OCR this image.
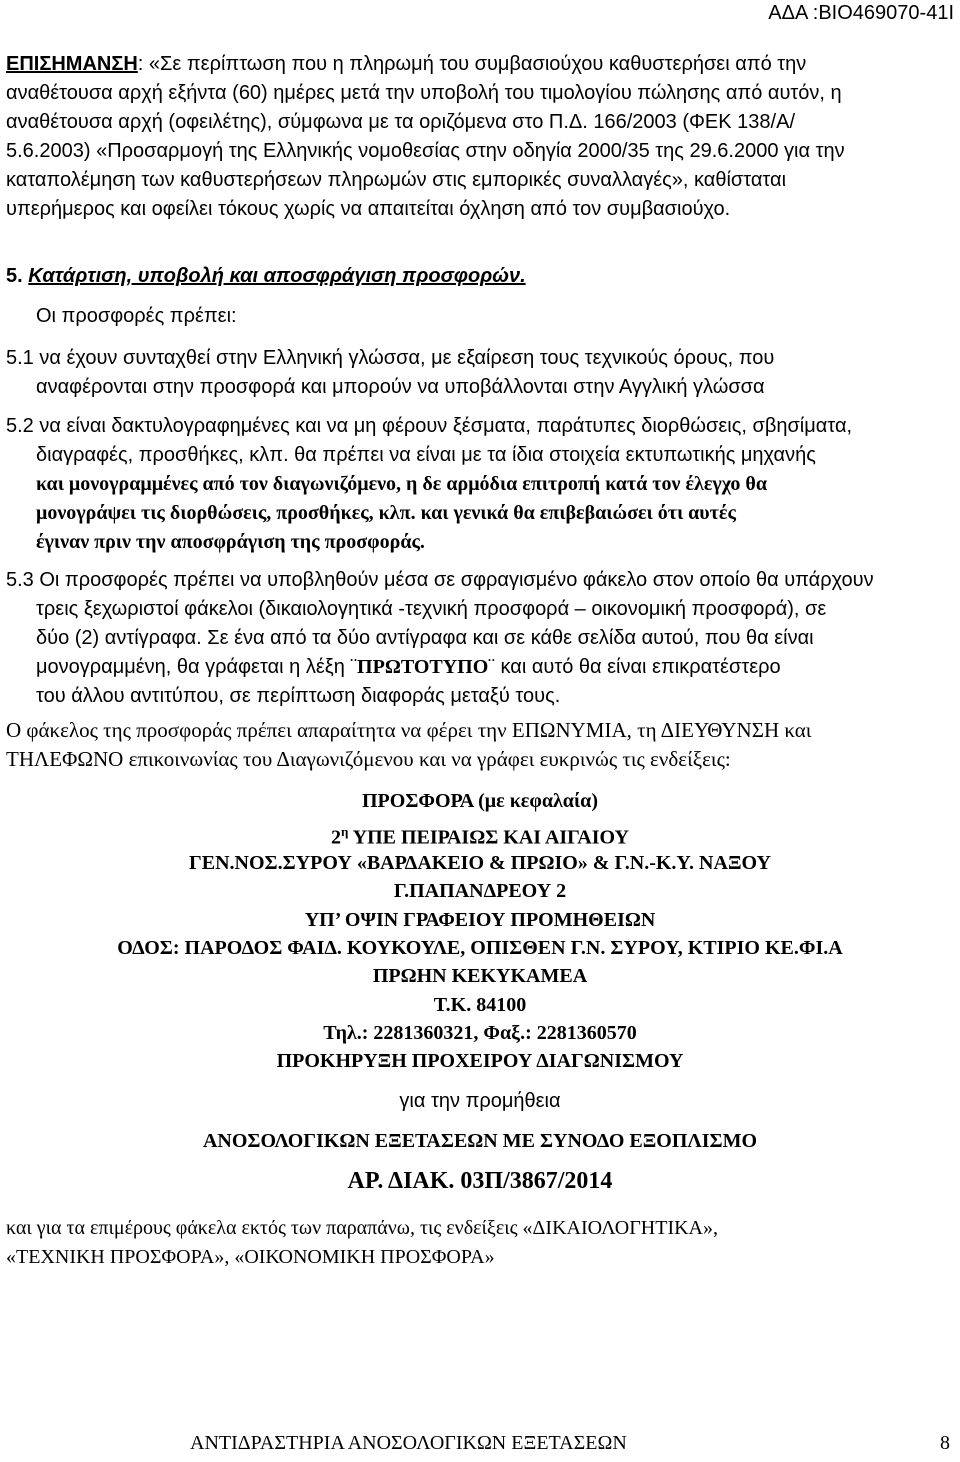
ΑΔΑ :ΒΙΟ469070-41Ι
ΕΠΙΣΗΜΑΝΣΗ: «Σε περίπτωση που η πληρωμή του συμβασιούχου καθυστερήσει από την
αναθέτουσα αρχή εξήντα (60) ημέρες μετά την υποβολή του τιμολογίου πώλησης από αυτόν, η
αναθέτουσα αρχή (οφειλέτης), σύμφωνα με τα οριζόμενα στο Π.Δ. 166/2003 (ΦΕΚ 138/Α/
5.6.2003) «Προσαρμογή της Ελληνικής νομοθεσίας στην οδηγία 2000/35 της 29.6.2000 για την
καταπολέμηση των καθυστερήσεων πληρωμών στις εμπορικές συναλλαγές», καθίσταται
υπερήμερος και οφείλει τόκους χωρίς να απαιτείται όχληση από τον συμβασιούχο.
5. Κατάρτιση, υποβολή και αποσφράγιση προσφορών.
Οι προσφορές πρέπει:
5.1 να έχουν συνταχθεί στην Ελληνική γλώσσα, με εξαίρεση τους τεχνικούς όρους, που
αναφέρονται στην προσφορά και μπορούν να υποβάλλονται στην Αγγλική γλώσσα
5.2 να είναι δακτυλογραφημένες και να μη φέρουν ξέσματα, παράτυπες διορθώσεις, σβησίματα,
διαγραφές, προσθήκες, κλπ. θα πρέπει να είναι με τα ίδια στοιχεία εκτυπωτικής μηχανής
και μονογραμμένες από τον διαγωνιζόμενο, η δε αρμόδια επιτροπή κατά τον έλεγχο θα
μονογράψει τις διορθώσεις, προσθήκες, κλπ. και γενικά θα επιβεβαιώσει ότι αυτές
έγιναν πριν την αποσφράγιση της προσφοράς.
5.3 Οι προσφορές πρέπει να υποβληθούν μέσα σε σφραγισμένο φάκελο στον οποίο θα υπάρχουν
τρεις ξεχωριστοί φάκελοι (δικαιολογητικά -τεχνική προσφορά – οικονομική προσφορά), σε
δύο (2) αντίγραφα. Σε ένα από τα δύο αντίγραφα και σε κάθε σελίδα αυτού, που θα είναι
μονογραμμένη, θα γράφεται η λέξη ¨ΠΡΩΤΟΤΥΠΟ¨ και αυτό θα είναι επικρατέστερο
του άλλου αντιτύπου, σε περίπτωση διαφοράς μεταξύ τους.
Ο φάκελος της προσφοράς πρέπει απαραίτητα να φέρει την ΕΠΩΝΥΜΙΑ, τη ΔΙΕΥΘΥΝΣΗ και
ΤΗΛΕΦΩΝΟ επικοινωνίας του Διαγωνιζόμενου και να γράφει ευκρινώς τις ενδείξεις:
ΠΡΟΣΦΟΡΑ (με κεφαλαία)
$2^\eta$ ΥΠΕ ΠΕΙΡΑΙΩΣ ΚΑΙ ΑΙΓΑΙΟΥ
ΓΕΝ.ΝΟΣ.ΣΥΡΟΥ «ΒΑΡΔΑΚΕΙΟ & ΠΡΩΙΟ» & Γ.Ν.-Κ.Υ. ΝΑΞΟΥ
Γ.ΠΑΠΑΝΔΡΕΟΥ 2
ΥΠ’ ΟΨΙΝ ΓΡΑΦΕΙΟΥ ΠΡΟΜΗΘΕΙΩΝ
ΟΔΟΣ: ΠΑΡΟΔΟΣ ΦΑΙΔ. ΚΟΥΚΟΥΛΕ, ΟΠΙΣΘΕΝ Γ.Ν. ΣΥΡΟΥ, ΚΤΙΡΙΟ ΚΕ.ΦΙ.Α
ΠΡΩΗΝ ΚΕΚΥΚΑΜΕΑ
Τ.Κ. 84100
Τηλ.: 2281360321, Φαξ.: 2281360570
ΠΡΟΚΗΡΥΞΗ ΠΡΟΧΕΙΡΟΥ ΔΙΑΓΩΝΙΣΜΟΥ
για την προμήθεια
ΑΝΟΣΟΛΟΓΙΚΩΝ ΕΞΕΤΑΣΕΩΝ ΜΕ ΣΥΝΟΔΟ ΕΞΟΠΛΙΣΜΟ
ΑΡ. ΔΙΑΚ. 03Π/3867/2014
και για τα επιμέρους φάκελα εκτός των παραπάνω, τις ενδείξεις «ΔΙΚΑΙΟΛΟΓΗΤΙΚΑ»,
«ΤΕΧΝΙΚΗ ΠΡΟΣΦΟΡΑ», «ΟΙΚΟΝΟΜΙΚΗ ΠΡΟΣΦΟΡΑ»
ΑΝΤΙΔΡΑΣΤΗΡΙΑ ΑΝΟΣΟΛΟΓΙΚΩΝ ΕΞΕΤΑΣΕΩΝ	8
